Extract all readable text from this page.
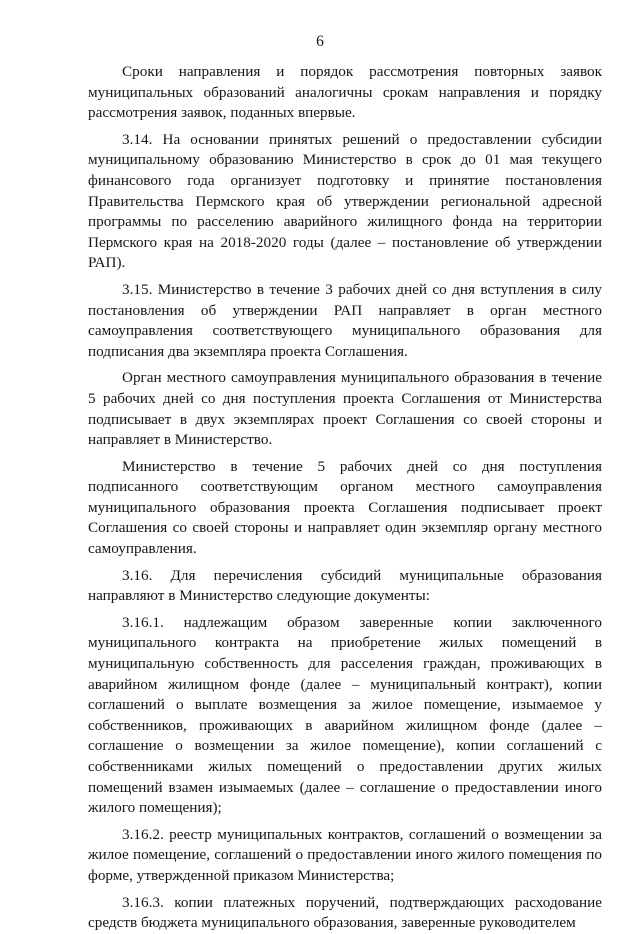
6

Сроки направления и порядок рассмотрения повторных заявок муниципальных образований аналогичны срокам направления и порядку рассмотрения заявок, поданных впервые.

3.14. На основании принятых решений о предоставлении субсидии муниципальному образованию Министерство в срок до 01 мая текущего финансового года организует подготовку и принятие постановления Правительства Пермского края об утверждении региональной адресной программы по расселению аварийного жилищного фонда на территории Пермского края на 2018-2020 годы (далее – постановление об утверждении РАП).

3.15. Министерство в течение 3 рабочих дней со дня вступления в силу постановления об утверждении РАП направляет в орган местного самоуправления соответствующего муниципального образования для подписания два экземпляра проекта Соглашения.

Орган местного самоуправления муниципального образования в течение 5 рабочих дней со дня поступления проекта Соглашения от Министерства подписывает в двух экземплярах проект Соглашения со своей стороны и направляет в Министерство.

Министерство в течение 5 рабочих дней со дня поступления подписанного соответствующим органом местного самоуправления муниципального образования проекта Соглашения подписывает проект Соглашения со своей стороны и направляет один экземпляр органу местного самоуправления.

3.16. Для перечисления субсидий муниципальные образования направляют в Министерство следующие документы:

3.16.1. надлежащим образом заверенные копии заключенного муниципального контракта на приобретение жилых помещений в муниципальную собственность для расселения граждан, проживающих в аварийном жилищном фонде (далее – муниципальный контракт), копии соглашений о выплате возмещения за жилое помещение, изымаемое у собственников, проживающих в аварийном жилищном фонде (далее – соглашение о возмещении за жилое помещение), копии соглашений с собственниками жилых помещений о предоставлении других жилых помещений взамен изымаемых (далее – соглашение о предоставлении иного жилого помещения);

3.16.2. реестр муниципальных контрактов, соглашений о возмещении за жилое помещение, соглашений о предоставлении иного жилого помещения по форме, утвержденной приказом Министерства;

3.16.3. копии платежных поручений, подтверждающих расходование средств бюджета муниципального образования, заверенные руководителем
